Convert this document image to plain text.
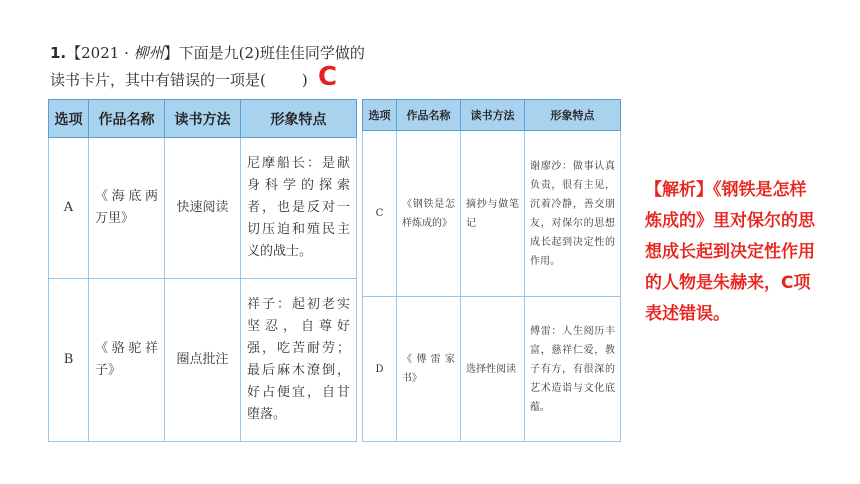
1.【2021 · 柳州】下面是九(2)班佳佳同学做的读书卡片，其中有错误的一项是( ) C
选项	作品名称	读书方法	形象特点
A	《海底两万里》	快速阅读	尼摩船长：是献身科学的探索者，也是反对一切压迫和殖民主义的战士。
B	《骆驼祥子》	圈点批注	祥子：起初老实坚忍，自尊好强，吃苦耐劳；最后麻木潦倒，好占便宜，自甘堕落。
选项	作品名称	读书方法	形象特点
C	《钢铁是怎样炼成的》	摘抄与做笔记	谢廖沙：做事认真负责，很有主见，沉着冷静，善交朋友，对保尔的思想成长起到决定性的作用。
D	《傅雷家书》	选择性阅读	傅雷：人生阅历丰富，慈祥仁爱，教子有方，有很深的艺术造诣与文化底蕴。
【解析】《钢铁是怎样炼成的》里对保尔的思想成长起到决定性作用的人物是朱赫来，C项表述错误。
